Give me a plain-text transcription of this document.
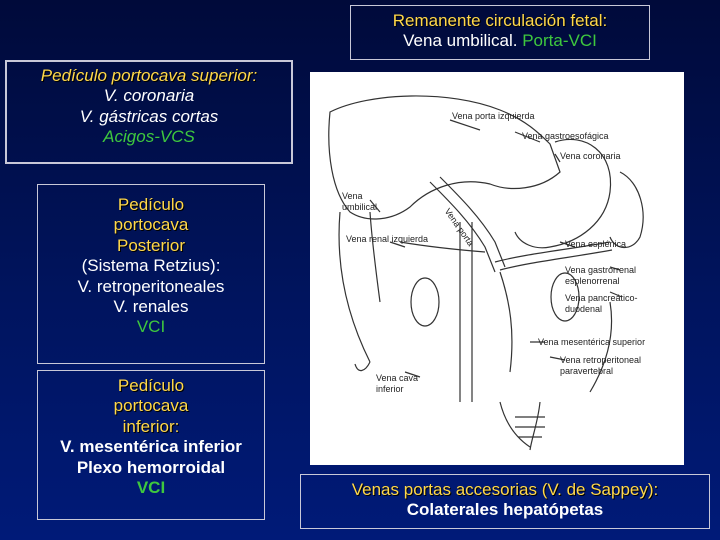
Remanente circulación fetal:
Vena umbilical. Porta-VCI
Pedículo portocava superior:
V. coronaria
V. gástricas cortas
Acigos-VCS
Pedículo
portocava
Posterior
(Sistema Retzius):
V. retroperitoneales
V. renales
VCI
Pedículo
portocava
inferior:
V. mesentérica inferior
Plexo hemorroidal
VCI	Venas portas accesorias (V. de Sappey):
Colaterales hepatópetas
Vena porta izquierda
Vena gastroesofágica
Vena coronaria
Vena
umbilical	Vena porta
Vena renal izquierda	Vena esplénica
Vena gastrorrenal
esplenorrenal
Vena pancreático-
duodenal
Vena mesentérica superior
Vena retroperitoneal
paravertebral
Vena cava
inferior
